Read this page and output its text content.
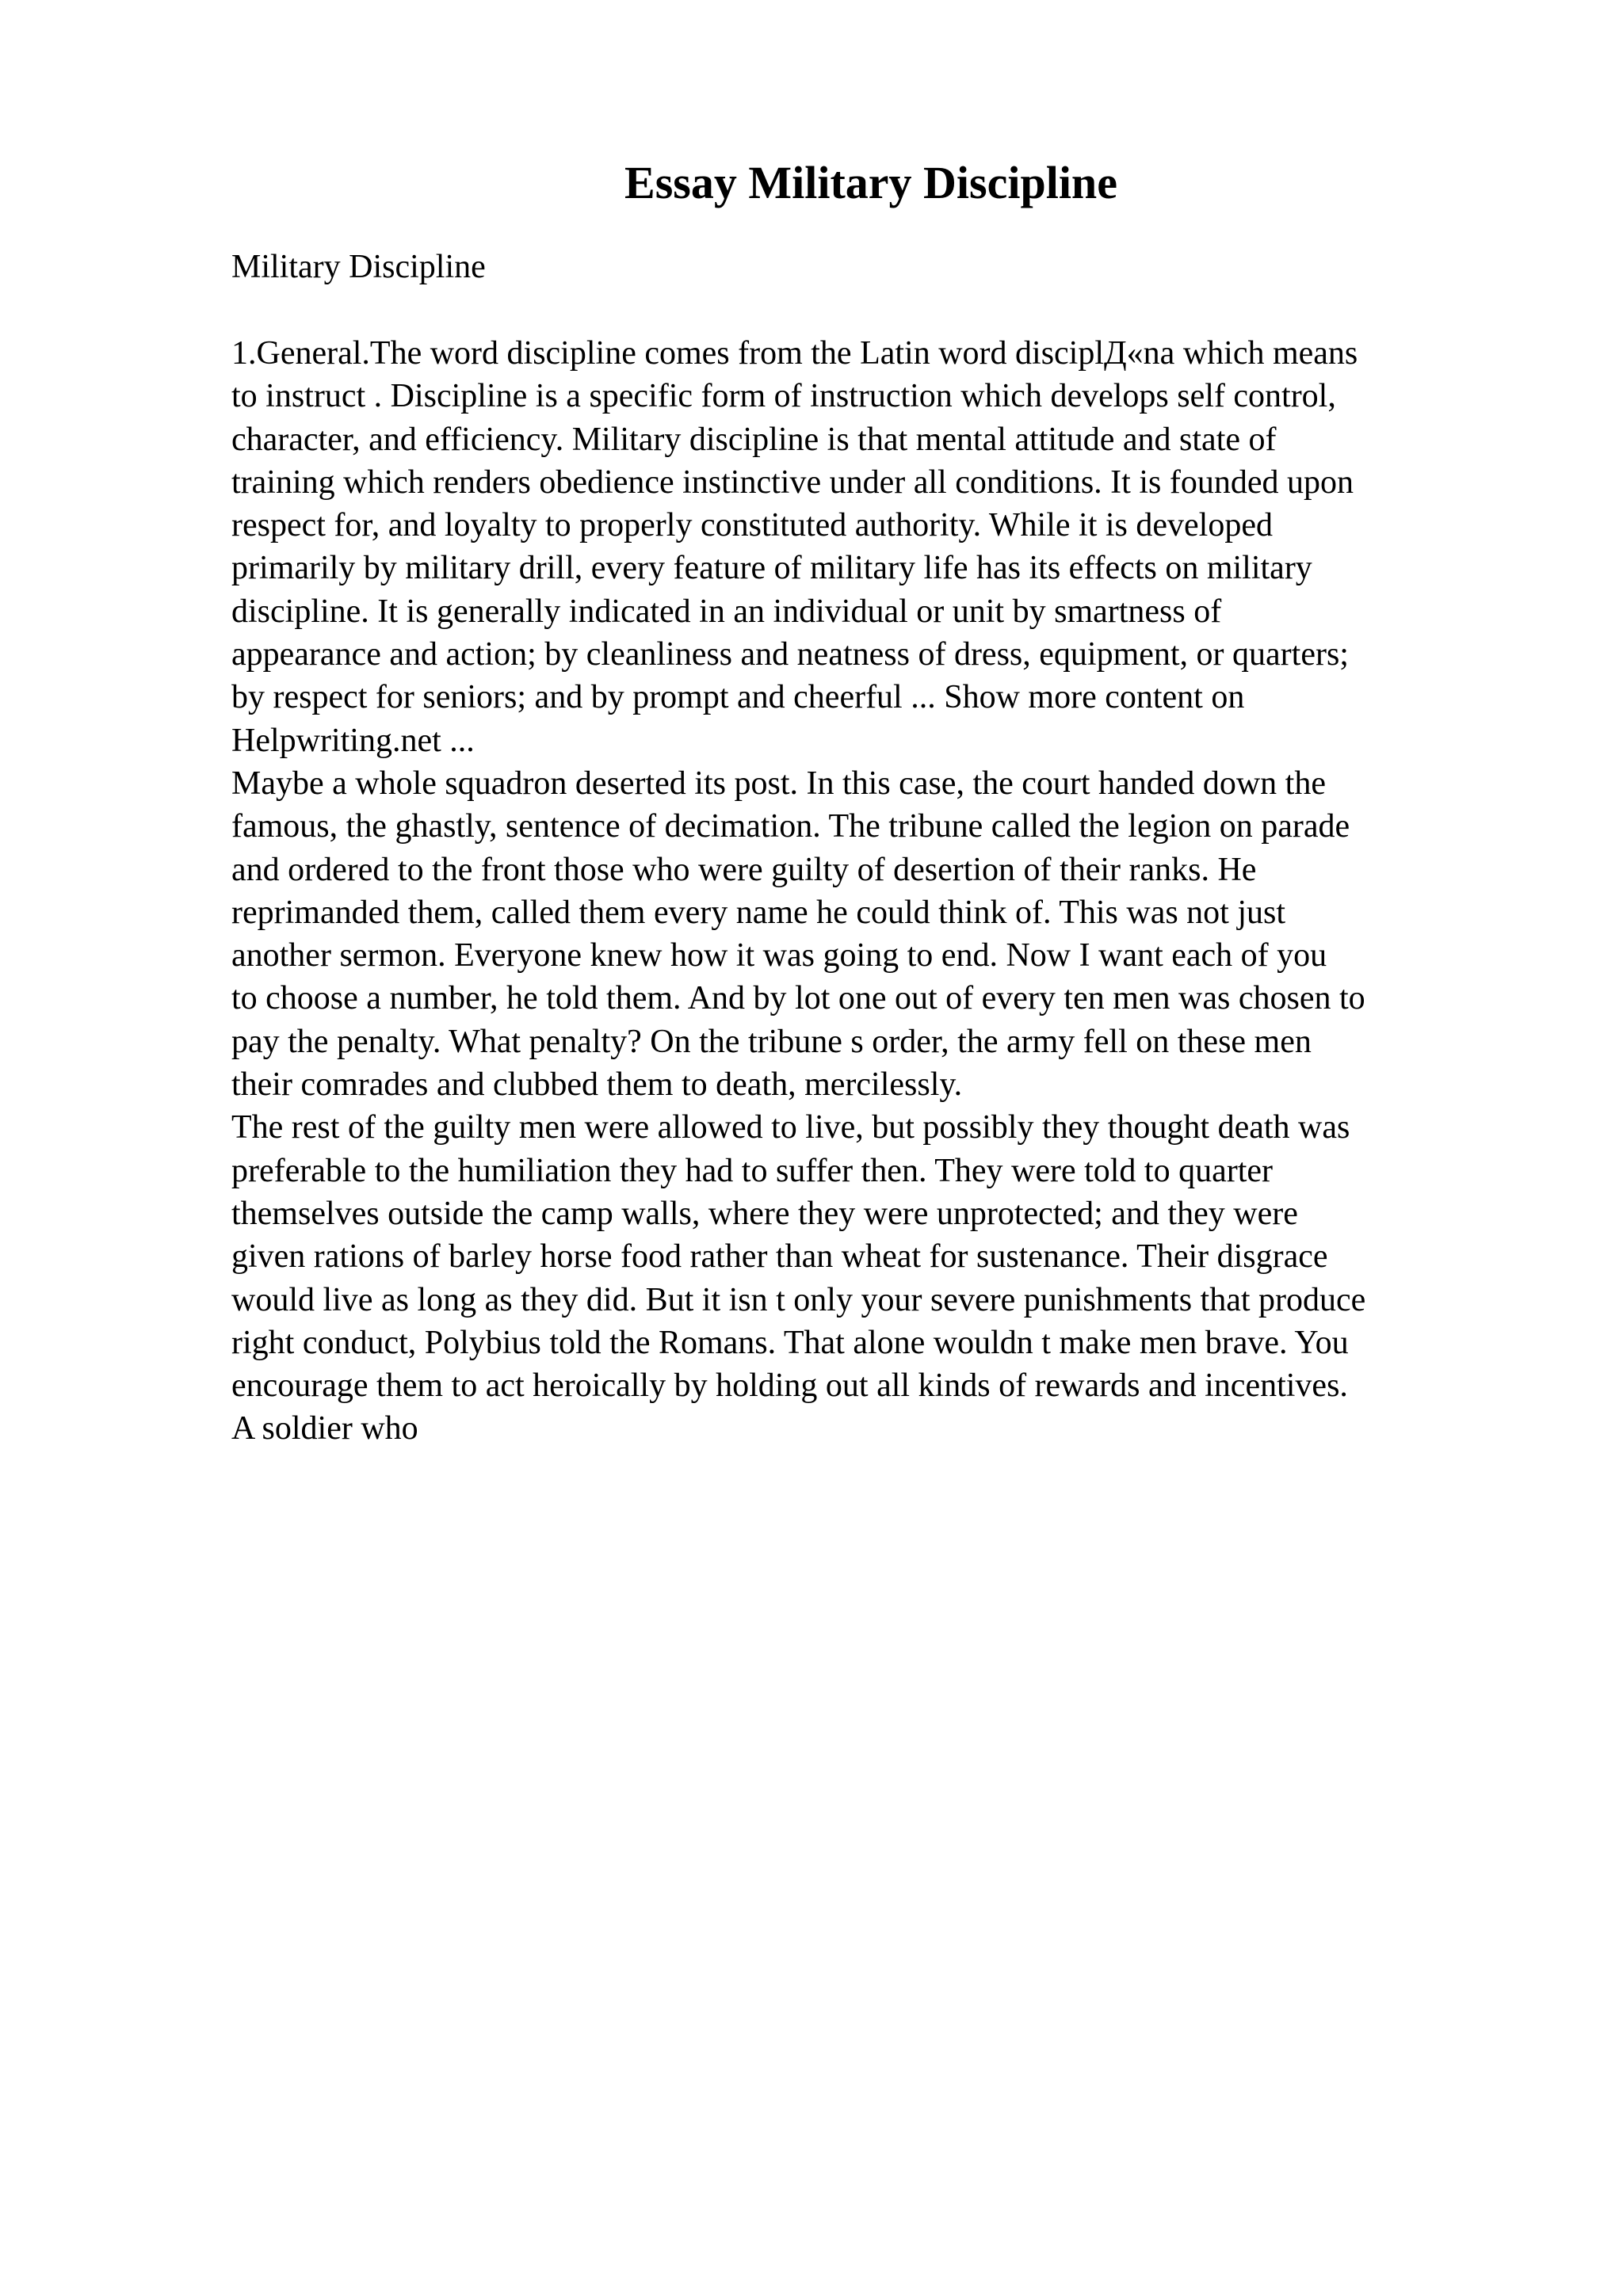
Essay Military Discipline

Military Discipline

1.General.The word discipline comes from the Latin word disciplД«na which means
to instruct . Discipline is a specific form of instruction which develops self control,
character, and efficiency. Military discipline is that mental attitude and state of
training which renders obedience instinctive under all conditions. It is founded upon
respect for, and loyalty to properly constituted authority. While it is developed
primarily by military drill, every feature of military life has its effects on military
discipline. It is generally indicated in an individual or unit by smartness of
appearance and action; by cleanliness and neatness of dress, equipment, or quarters;
by respect for seniors; and by prompt and cheerful ... Show more content on
Helpwriting.net ...
Maybe a whole squadron deserted its post. In this case, the court handed down the
famous, the ghastly, sentence of decimation. The tribune called the legion on parade
and ordered to the front those who were guilty of desertion of their ranks. He
reprimanded them, called them every name he could think of. This was not just
another sermon. Everyone knew how it was going to end. Now I want each of you
to choose a number, he told them. And by lot one out of every ten men was chosen to
pay the penalty. What penalty? On the tribune s order, the army fell on these men
their comrades and clubbed them to death, mercilessly.
The rest of the guilty men were allowed to live, but possibly they thought death was
preferable to the humiliation they had to suffer then. They were told to quarter
themselves outside the camp walls, where they were unprotected; and they were
given rations of barley horse food rather than wheat for sustenance. Their disgrace
would live as long as they did. But it isn t only your severe punishments that produce
right conduct, Polybius told the Romans. That alone wouldn t make men brave. You
encourage them to act heroically by holding out all kinds of rewards and incentives.
A soldier who
